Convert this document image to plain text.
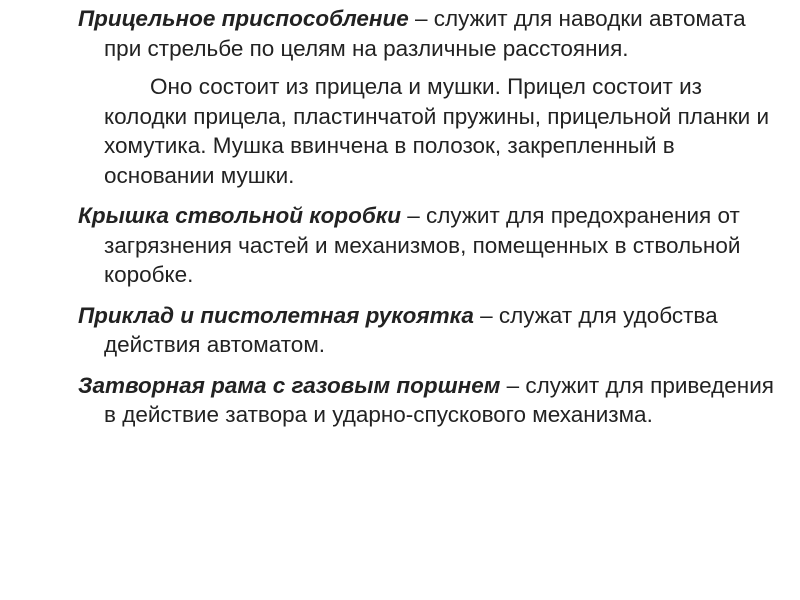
Прицельное приспособление – служит для наводки автомата при стрельбе по целям на различные расстояния.

Оно состоит из прицела и мушки. Прицел состоит из колодки прицела, пластинчатой пружины, прицельной планки и хомутика. Мушка ввинчена в полозок, закрепленный в основании мушки.

Крышка ствольной коробки – служит для предохранения от загрязнения частей и механизмов, помещенных в ствольной коробке.

Приклад и пистолетная рукоятка – служат для удобства действия автоматом.

Затворная рама с газовым поршнем – служит для приведения в действие затвора и ударно-спускового механизма.
